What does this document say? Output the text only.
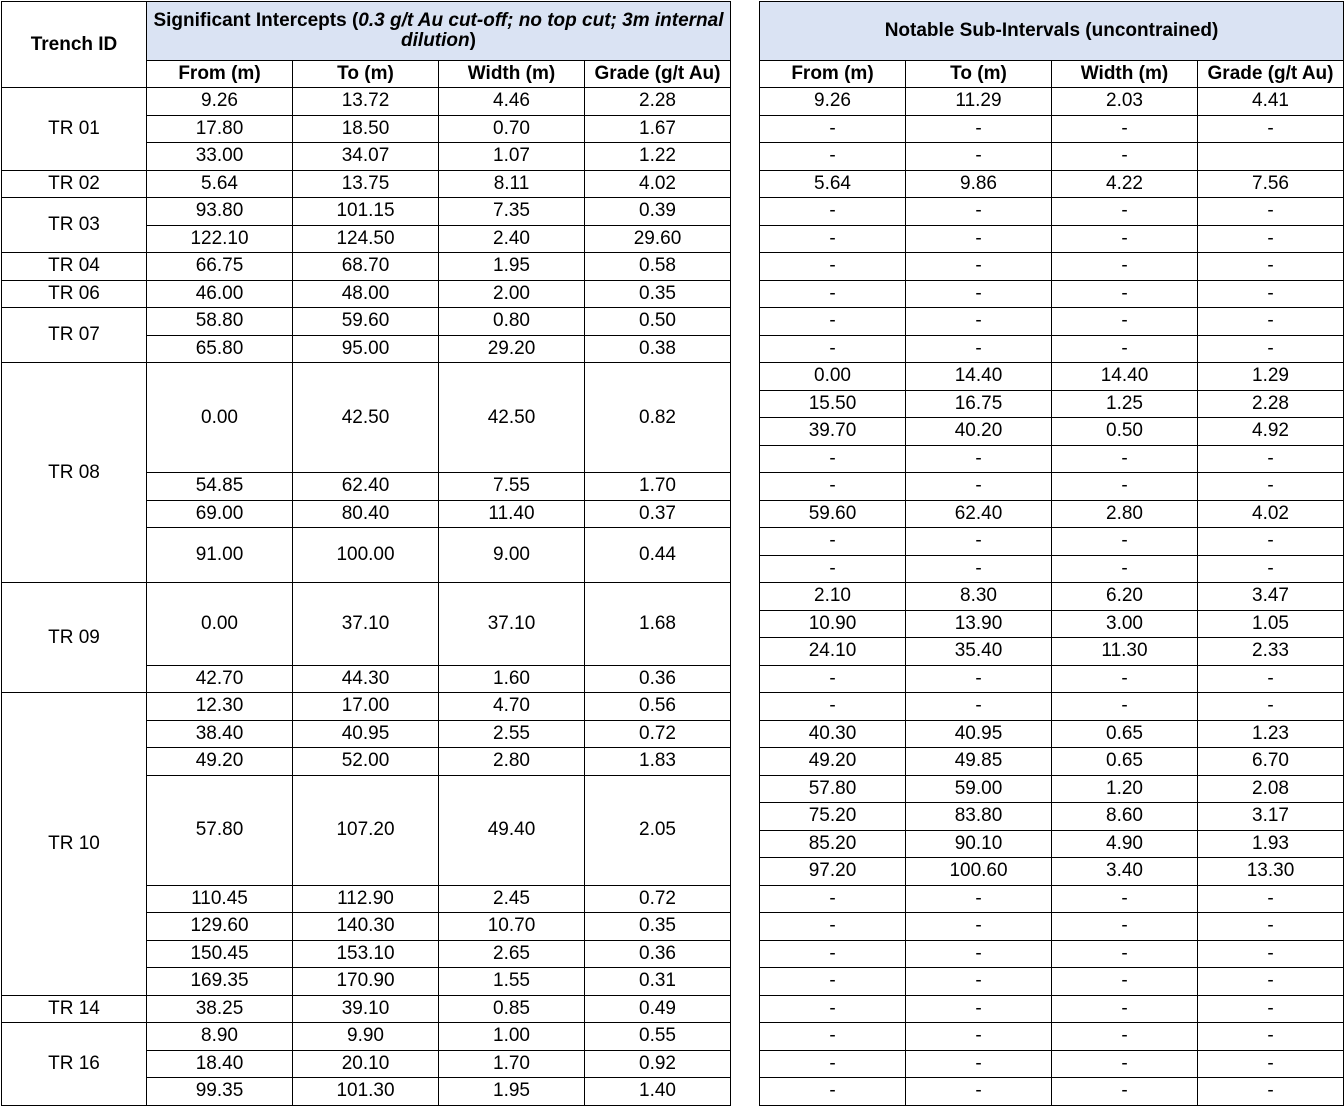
Trench ID	Significant Intercepts (0.3 g/t Au cut-off; no top cut; 3m internal dilution)			
	From (m)	To (m)	Width (m)	Grade (g/t Au)
TR 01	9.26	13.72	4.46	2.28
	17.80	18.50	0.70	1.67
	33.00	34.07	1.07	1.22
TR 02	5.64	13.75	8.11	4.02
TR 03	93.80	101.15	7.35	0.39
	122.10	124.50	2.40	29.60
TR 04	66.75	68.70	1.95	0.58
TR 06	46.00	48.00	2.00	0.35
TR 07	58.80	59.60	0.80	0.50
	65.80	95.00	29.20	0.38
TR 08	0.00	42.50	42.50	0.82

	54.85	62.40	7.55	1.70
	69.00	80.40	11.40	0.37
	91.00	100.00	9.00	0.44

TR 09	0.00	37.10	37.10	1.68

	42.70	44.30	1.60	0.36
TR 10	12.30	17.00	4.70	0.56
	38.40	40.95	2.55	0.72
	49.20	52.00	2.80	1.83
	57.80	107.20	49.40	2.05

	110.45	112.90	2.45	0.72
	129.60	140.30	10.70	0.35
	150.45	153.10	2.65	0.36
	169.35	170.90	1.55	0.31
TR 14	38.25	39.10	0.85	0.49
TR 16	8.90	9.90	1.00	0.55
	18.40	20.10	1.70	0.92
	99.35	101.30	1.95	1.40
Notable Sub-Intervals (uncontrained)			
From (m)	To (m)	Width (m)	Grade (g/t Au)
9.26	11.29	2.03	4.41
-	-	-	-
-	-	-	
5.64	9.86	4.22	7.56
-	-	-	-
-	-	-	-
-	-	-	-
-	-	-	-
-	-	-	-
-	-	-	-
0.00	14.40	14.40	1.29
15.50	16.75	1.25	2.28
39.70	40.20	0.50	4.92
-	-	-	-
-	-	-	-
59.60	62.40	2.80	4.02
-	-	-	-
-	-	-	-
2.10	8.30	6.20	3.47
10.90	13.90	3.00	1.05
24.10	35.40	11.30	2.33
-	-	-	-
-	-	-	-
40.30	40.95	0.65	1.23
49.20	49.85	0.65	6.70
57.80	59.00	1.20	2.08
75.20	83.80	8.60	3.17
85.20	90.10	4.90	1.93
97.20	100.60	3.40	13.30
-	-	-	-
-	-	-	-
-	-	-	-
-	-	-	-
-	-	-	-
-	-	-	-
-	-	-	-
-	-	-	-
